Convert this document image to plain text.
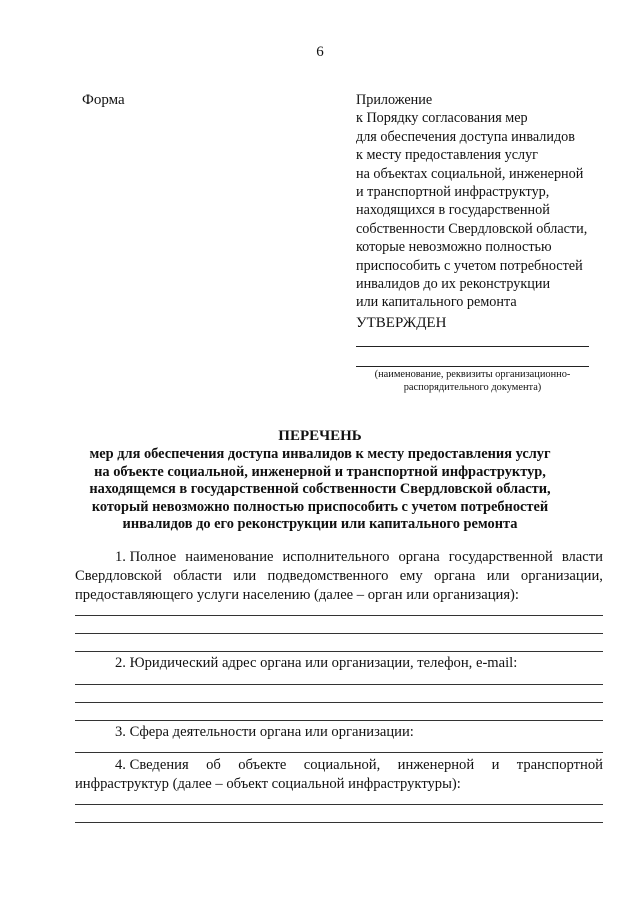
6
Форма	Приложение
к Порядку согласования мер
для обеспечения доступа инвалидов
к месту предоставления услуг
на объектах социальной, инженерной
и транспортной инфраструктур,
находящихся в государственной
собственности Свердловской области,
которые невозможно полностью
приспособить с учетом потребностей
инвалидов до их реконструкции
или капитального ремонта
УТВЕРЖДЕН
(наименование, реквизиты организационно-
распорядительного документа)
ПЕРЕЧЕНЬ
мер для обеспечения доступа инвалидов к месту предоставления услуг
на объекте социальной, инженерной и транспортной инфраструктур,
находящемся в государственной собственности Свердловской области,
который невозможно полностью приспособить с учетом потребностей
инвалидов до его реконструкции или капитального ремонта
1. Полное наименование исполнительного органа государственной власти
Свердловской области или подведомственного ему органа или организации,
предоставляющего услуги населению (далее – орган или организация):
2. Юридический адрес органа или организации, телефон, e-mail:
3. Сфера деятельности органа или организации:
4. Сведения об объекте социальной, инженерной и транспортной
инфраструктур (далее – объект социальной инфраструктуры):
